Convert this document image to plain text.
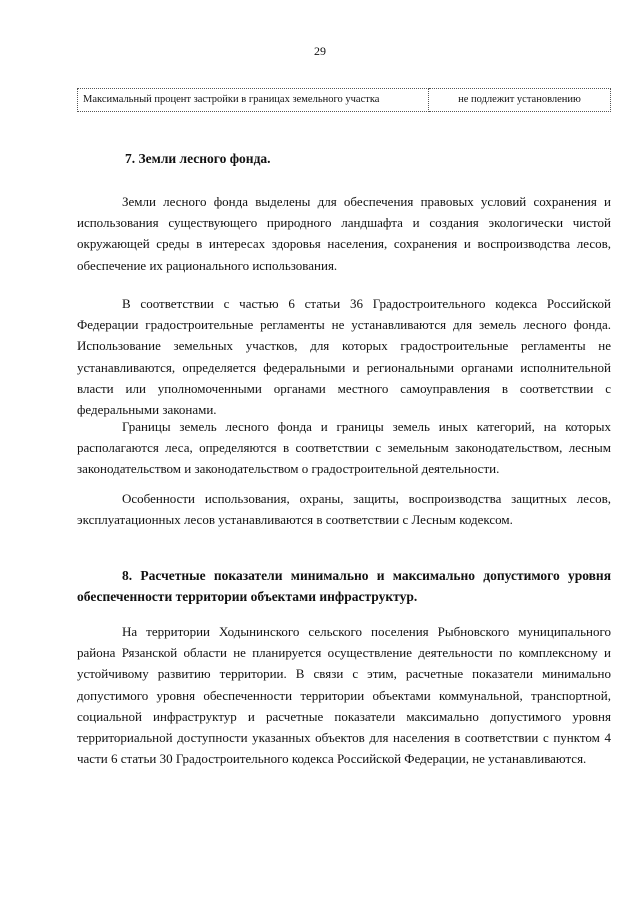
29
Максимальный процент застройки в границах земельного участка	не подлежит установлению
7. Земли лесного фонда.

Земли лесного фонда выделены для обеспечения правовых условий сохранения и использования существующего природного ландшафта и создания экологически чистой окружающей среды в интересах здоровья населения, сохранения и воспроизводства лесов, обеспечение их рационального использования.

В соответствии с частью 6 статьи 36 Градостроительного кодекса Российской Федерации градостроительные регламенты не устанавливаются для земель лесного фонда. Использование земельных участков, для которых градостроительные регламенты не устанавливаются, определяется федеральными и региональными органами исполнительной власти или уполномоченными органами местного самоуправления в соответствии с федеральными законами.

Границы земель лесного фонда и границы земель иных категорий, на которых располагаются леса, определяются в соответствии с земельным законодательством, лесным законодательством и законодательством о градостроительной деятельности.

Особенности использования, охраны, защиты, воспроизводства защитных лесов, эксплуатационных лесов устанавливаются в соответствии с Лесным кодексом.

8. Расчетные показатели минимально и максимально допустимого уровня обеспеченности территории объектами инфраструктур.

На территории Ходынинского сельского поселения Рыбновского муниципального района Рязанской области не планируется осуществление деятельности по комплексному и устойчивому развитию территории. В связи с этим, расчетные показатели минимально допустимого уровня обеспеченности территории объектами коммунальной, транспортной, социальной инфраструктур и расчетные показатели максимально допустимого уровня территориальной доступности указанных объектов для населения в соответствии с пунктом 4 части 6 статьи 30 Градостроительного кодекса Российской Федерации, не устанавливаются.
